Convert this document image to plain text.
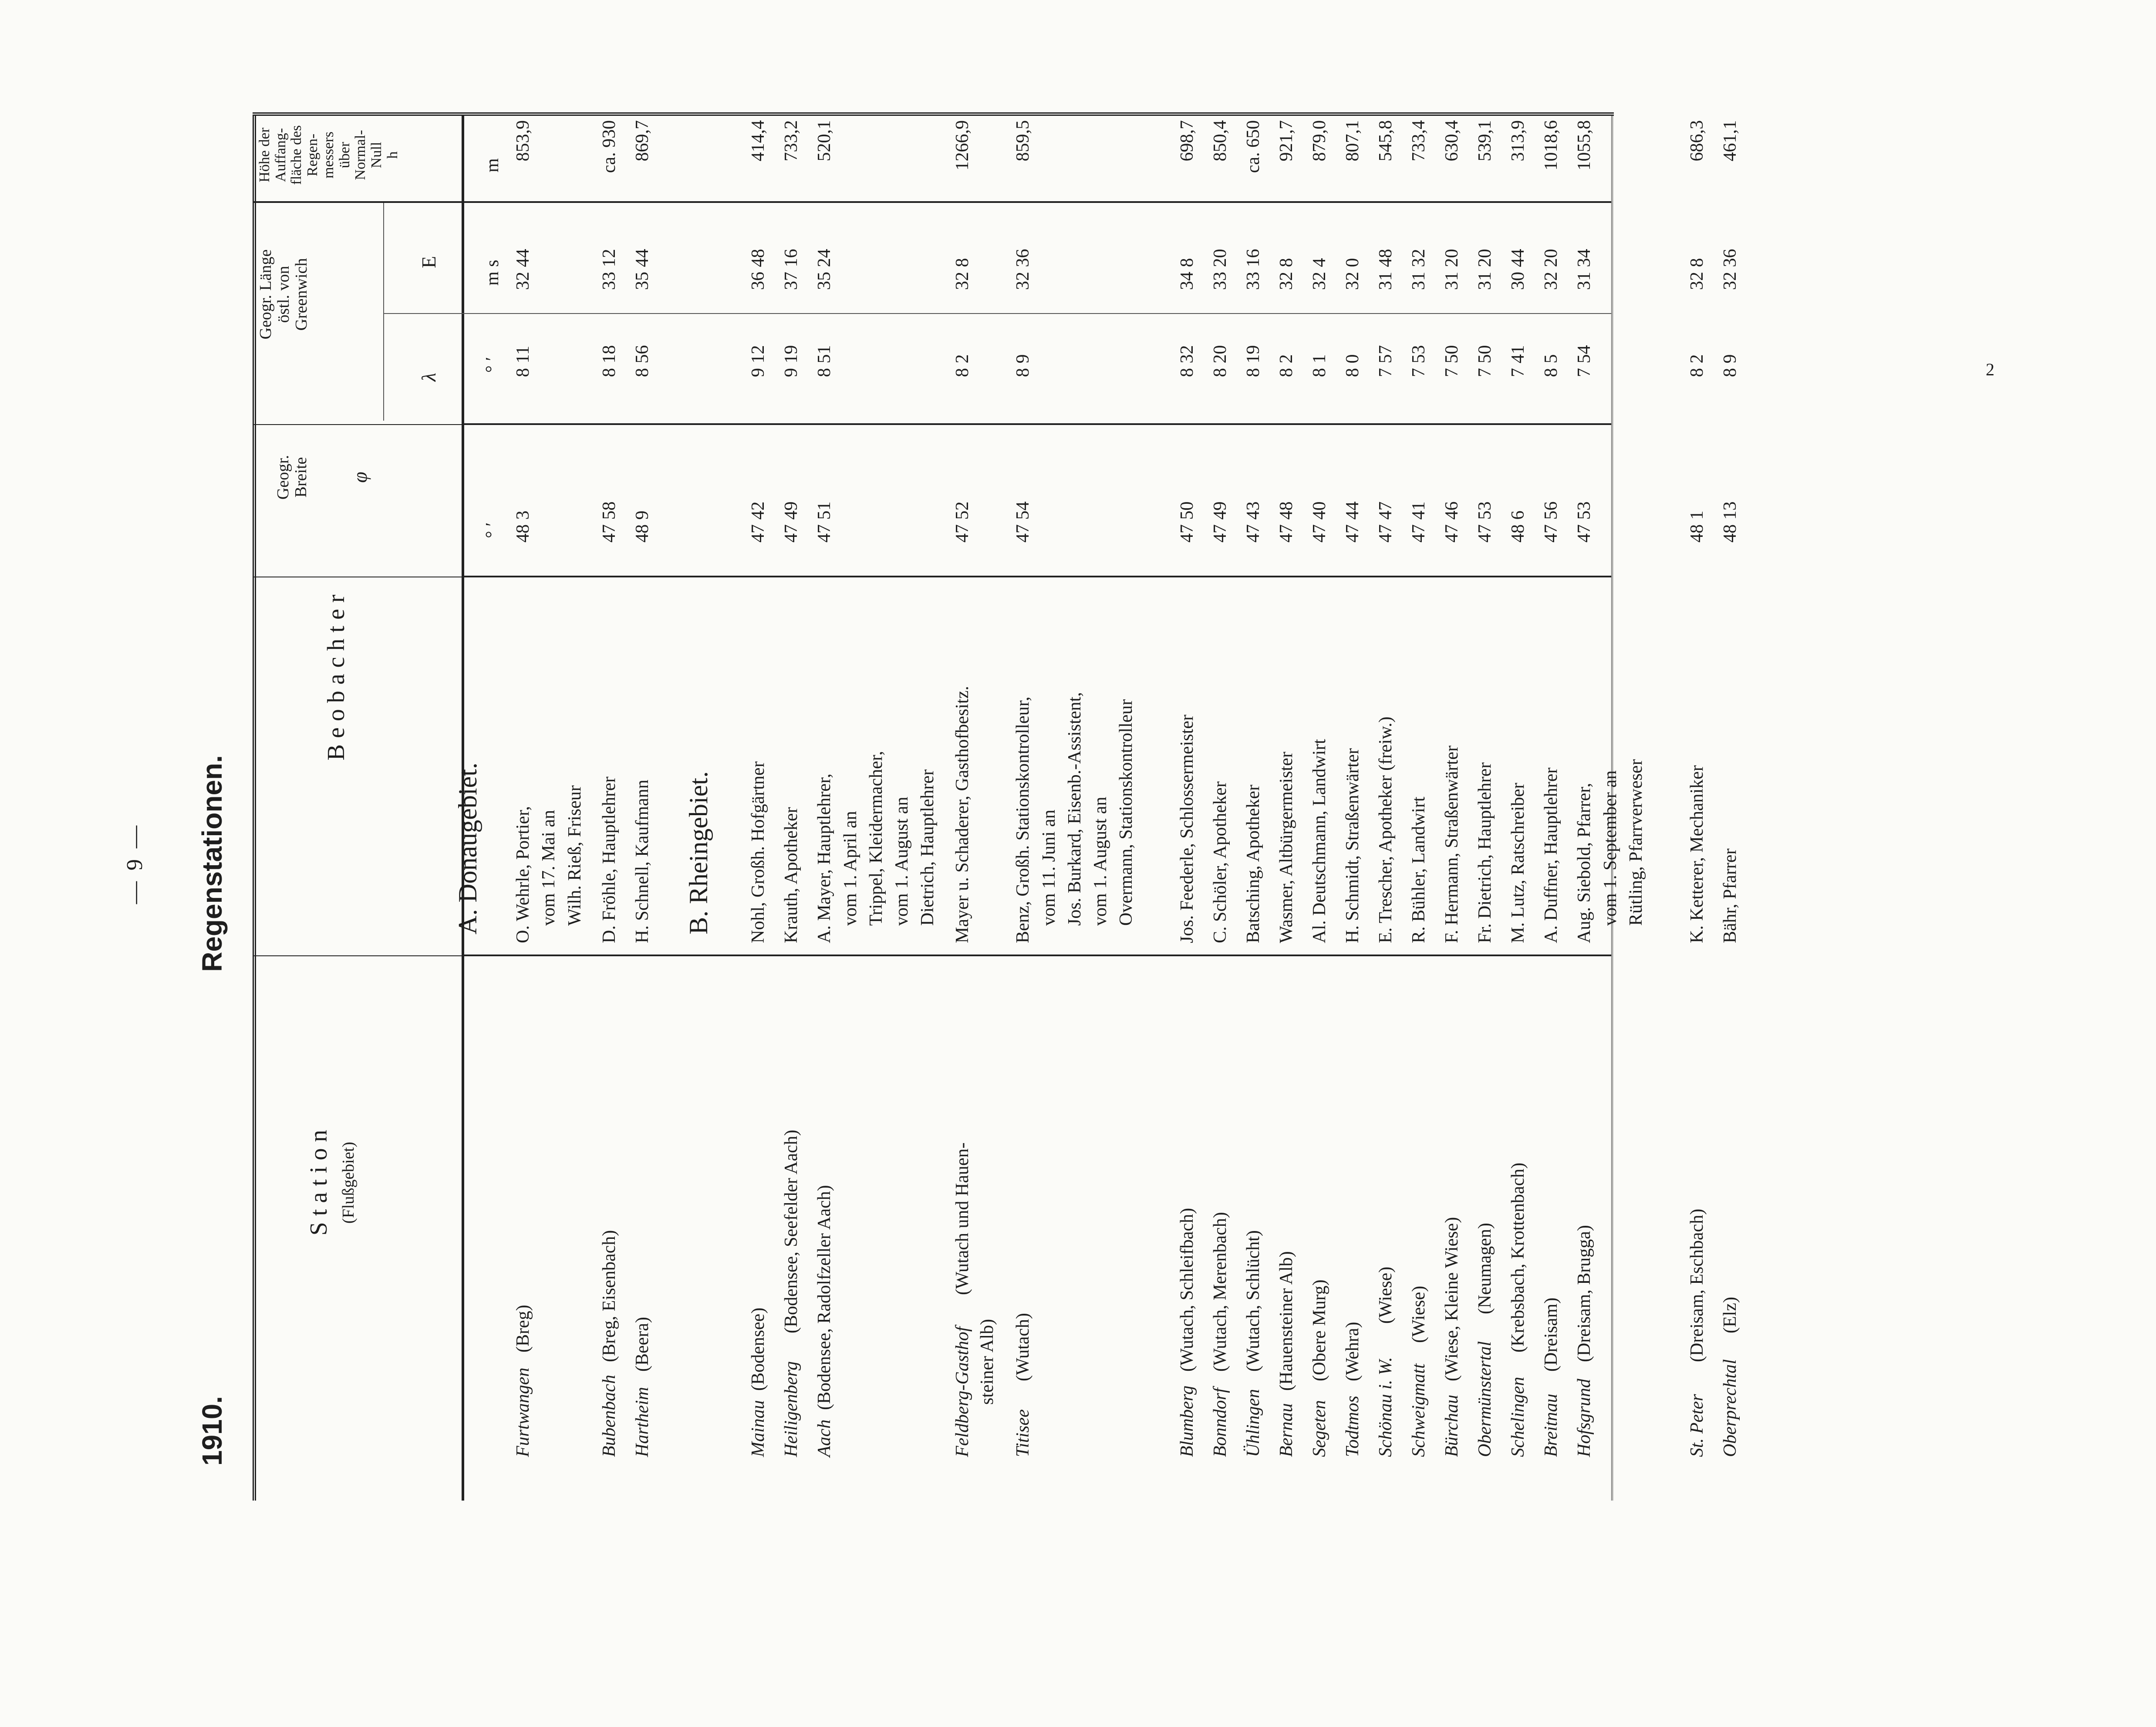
— 9 —
1910.
Regenstationen.
S t a t i o n (Flußgebiet)
B e o b a c h t e r
Geogr. Breite φ
Geogr. Länge östl. von Greenwich
Höhe der Auffang- fläche des Regen- messers über Normal- Null h
λ
E
° ′
° ′
m s
m
A. Donaugebiet.
Furtwangen
(Breg)
O. Wehrle, Portier, vom 17. Mai an Wilh. Rieß, Friseur
48 3
8 11
32 44
853,9
Bubenbach
(Breg, Eisenbach)
D. Fröhle, Hauptlehrer
47 58
8 18
33 12
ca. 930
Hartheim
(Beera)
H. Schnell, Kaufmann
48 9
8 56
35 44
869,7
B. Rheingebiet.
Mainau
(Bodensee)
Nohl, Großh. Hofgärtner
47 42
9 12
36 48
414,4
Heiligenberg
(Bodensee, Seefelder Aach)
Krauth, Apotheker
47 49
9 19
37 16
733,2
Aach
(Bodensee, Radolfzeller Aach)
A. Mayer, Hauptlehrer, vom 1. April an Trippel, Kleidermacher, vom 1. August an Dietrich, Hauptlehrer
47 51
8 51
35 24
520,1
Feldberg-Gasthof
(Wutach und Hauen-
steiner Alb)
Mayer u. Schaderer, Gasthofbesitz.
47 52
8 2
32 8
1266,9
Titisee
(Wutach)
Benz, Großh. Stationskontrolleur, vom 11. Juni an Jos. Burkard, Eisenb.-Assistent, vom 1. August an Overmann, Stationskontrolleur
47 54
8 9
32 36
859,5
Blumberg
(Wutach, Schleifbach)
Jos. Feederle, Schlossermeister
47 50
8 32
34 8
698,7
Bonndorf
(Wutach, Merenbach)
C. Schöler, Apotheker
47 49
8 20
33 20
850,4
Ühlingen
(Wutach, Schlücht)
Batsching, Apotheker
47 43
8 19
33 16
ca. 650
Bernau
(Hauensteiner Alb)
Wasmer, Altbürgermeister
47 48
8 2
32 8
921,7
Segeten
(Obere Murg)
Al. Deutschmann, Landwirt
47 40
8 1
32 4
879,0
Todtmos
(Wehra)
H. Schmidt, Straßenwärter
47 44
8 0
32 0
807,1
Schönau i. W.
(Wiese)
E. Trescher, Apotheker (freiw.)
47 47
7 57
31 48
545,8
Schweigmatt
(Wiese)
R. Bühler, Landwirt
47 41
7 53
31 32
733,4
Bürchau
(Wiese, Kleine Wiese)
F. Hermann, Straßenwärter
47 46
7 50
31 20
630,4
Obermünstertal
(Neumagen)
Fr. Dietrich, Hauptlehrer
47 53
7 50
31 20
539,1
Schelingen
(Krebsbach, Krottenbach)
M. Lutz, Ratschreiber
48 6
7 41
30 44
313,9
Breitnau
(Dreisam)
A. Duffner, Hauptlehrer
47 56
8 5
32 20
1018,6
Hofsgrund
(Dreisam, Brugga)
Aug. Siebold, Pfarrer, vom 1. September an Rütling, Pfarrverweser
47 53
7 54
31 34
1055,8
St. Peter
(Dreisam, Eschbach)
K. Ketterer, Mechaniker
48 1
8 2
32 8
686,3
Oberprechtal
(Elz)
Bähr, Pfarrer
48 13
8 9
32 36
461,1
2
